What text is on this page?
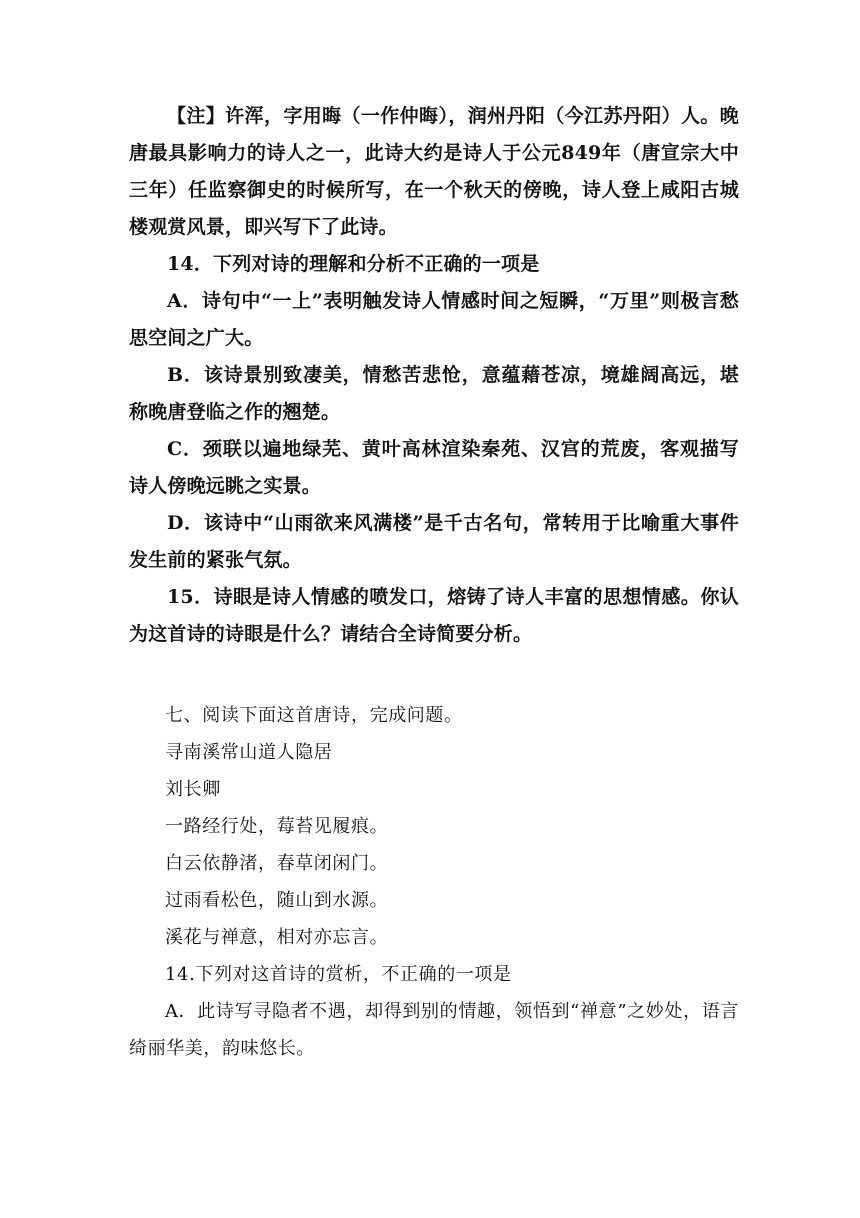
【注】许浑，字用晦（一作仲晦），润州丹阳（今江苏丹阳）人。晚唐最具影响力的诗人之一，此诗大约是诗人于公元849年（唐宣宗大中三年）任监察御史的时候所写，在一个秋天的傍晚，诗人登上咸阳古城楼观赏风景，即兴写下了此诗。

14．下列对诗的理解和分析不正确的一项是

A．诗句中“一上”表明触发诗人情感时间之短瞬，“万里”则极言愁思空间之广大。

B．该诗景别致凄美，情愁苦悲怆，意蕴藉苍凉，境雄阔高远，堪称晚唐登临之作的翘楚。

C．颈联以遍地绿芜、黄叶高林渲染秦苑、汉宫的荒废，客观描写诗人傍晚远眺之实景。

D．该诗中“山雨欲来风满楼”是千古名句，常转用于比喻重大事件发生前的紧张气氛。

15．诗眼是诗人情感的喷发口，熔铸了诗人丰富的思想情感。你认为这首诗的诗眼是什么？请结合全诗简要分析。

七、阅读下面这首唐诗，完成问题。

寻南溪常山道人隐居

刘长卿

一路经行处，莓苔见履痕。

白云依静渚，春草闭闲门。

过雨看松色，随山到水源。

溪花与禅意，相对亦忘言。

14.下列对这首诗的赏析，不正确的一项是

A．此诗写寻隐者不遇，却得到别的情趣，领悟到“禅意”之妙处，语言绮丽华美，韵味悠长。
